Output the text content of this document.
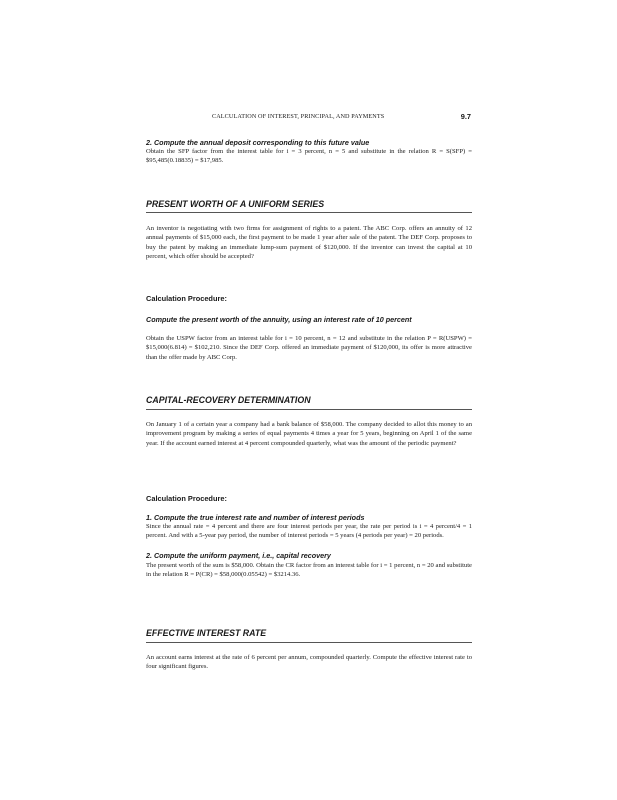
CALCULATION OF INTEREST, PRINCIPAL, AND PAYMENTS	9.7
2. Compute the annual deposit corresponding to this future value
Obtain the SFP factor from the interest table for i = 3 percent, n = 5 and substitute in the relation R = S(SFP) = $95,485(0.18835) = $17,985.
PRESENT WORTH OF A UNIFORM SERIES
An inventor is negotiating with two firms for assignment of rights to a patent. The ABC Corp. offers an annuity of 12 annual payments of $15,000 each, the first payment to be made 1 year after sale of the patent. The DEF Corp. proposes to buy the patent by making an immediate lump-sum payment of $120,000. If the inventor can invest the capital at 10 percent, which offer should be accepted?
Calculation Procedure:
Compute the present worth of the annuity, using an interest rate of 10 percent
Obtain the USPW factor from an interest table for i = 10 percent, n = 12 and substitute in the relation P = R(USPW) = $15,000(6.814) = $102,210. Since the DEF Corp. offered an immediate payment of $120,000, its offer is more attractive than the offer made by ABC Corp.
CAPITAL-RECOVERY DETERMINATION
On January 1 of a certain year a company had a bank balance of $58,000. The company decided to allot this money to an improvement program by making a series of equal payments 4 times a year for 5 years, beginning on April 1 of the same year. If the account earned interest at 4 percent compounded quarterly, what was the amount of the periodic payment?
Calculation Procedure:
1. Compute the true interest rate and number of interest periods
Since the annual rate = 4 percent and there are four interest periods per year, the rate per period is i = 4 percent/4 = 1 percent. And with a 5-year pay period, the number of interest periods = 5 years (4 periods per year) = 20 periods.
2. Compute the uniform payment, i.e., capital recovery
The present worth of the sum is $58,000. Obtain the CR factor from an interest table for i = 1 percent, n = 20 and substitute in the relation R = P(CR) = $58,000(0.05542) = $3214.36.
EFFECTIVE INTEREST RATE
An account earns interest at the rate of 6 percent per annum, compounded quarterly. Compute the effective interest rate to four significant figures.
